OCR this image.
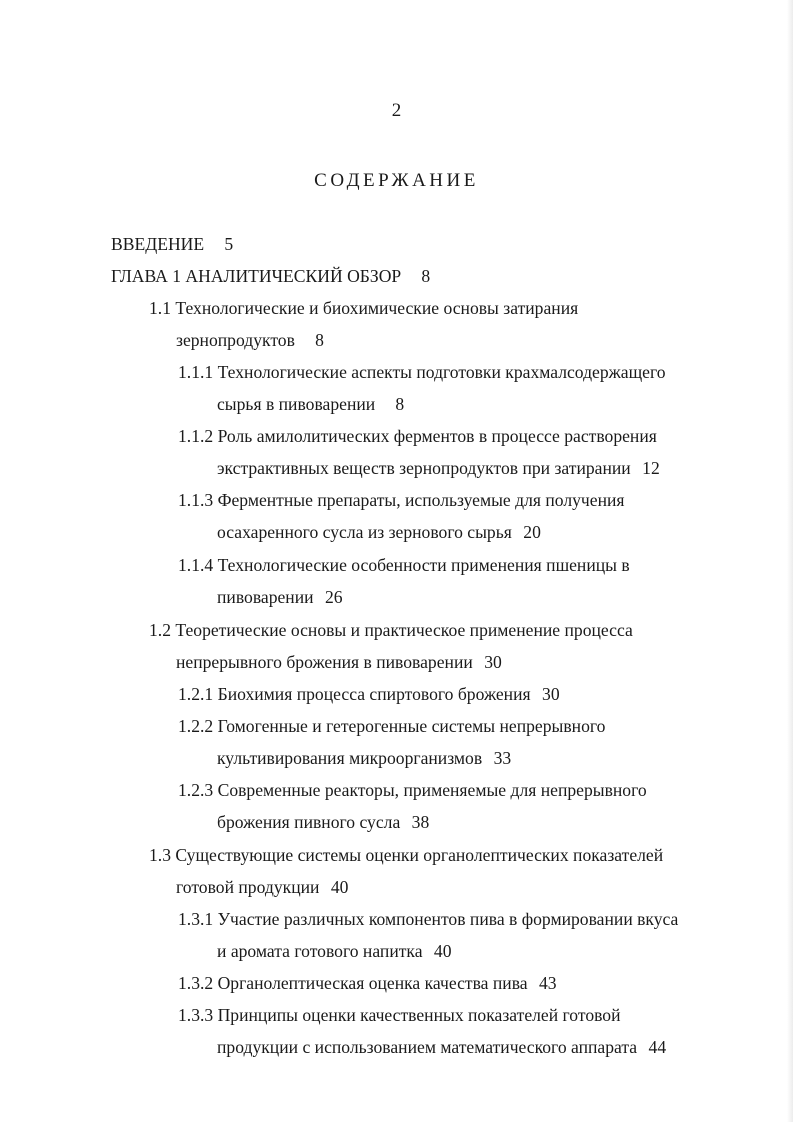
2
СОДЕРЖАНИЕ
ВВЕДЕНИЕ	5
ГЛАВА 1 АНАЛИТИЧЕСКИЙ ОБЗОР	8
1.1 Технологические и биохимические основы затирания
зернопродуктов	8
1.1.1 Технологические аспекты подготовки крахмалсодержащего
сырья в пивоварении	8
1.1.2 Роль амилолитических ферментов в процессе растворения
экстрактивных веществ зернопродуктов при затирании 12
1.1.3 Ферментные препараты, используемые для получения
осахаренного сусла из зернового сырья 20
1.1.4 Технологические особенности применения пшеницы в
пивоварении 26
1.2 Теоретические основы и практическое применение процесса
непрерывного брожения в пивоварении 30
1.2.1 Биохимия процесса спиртового брожения 30
1.2.2 Гомогенные и гетерогенные системы непрерывного
культивирования микроорганизмов 33
1.2.3 Современные реакторы, применяемые для непрерывного
брожения пивного сусла 38
1.3 Существующие системы оценки органолептических показателей
готовой продукции 40
1.3.1 Участие различных компонентов пива в формировании вкуса
и аромата готового напитка 40
1.3.2 Органолептическая оценка качества пива 43
1.3.3 Принципы оценки качественных показателей готовой
продукции с использованием математического аппарата 44
